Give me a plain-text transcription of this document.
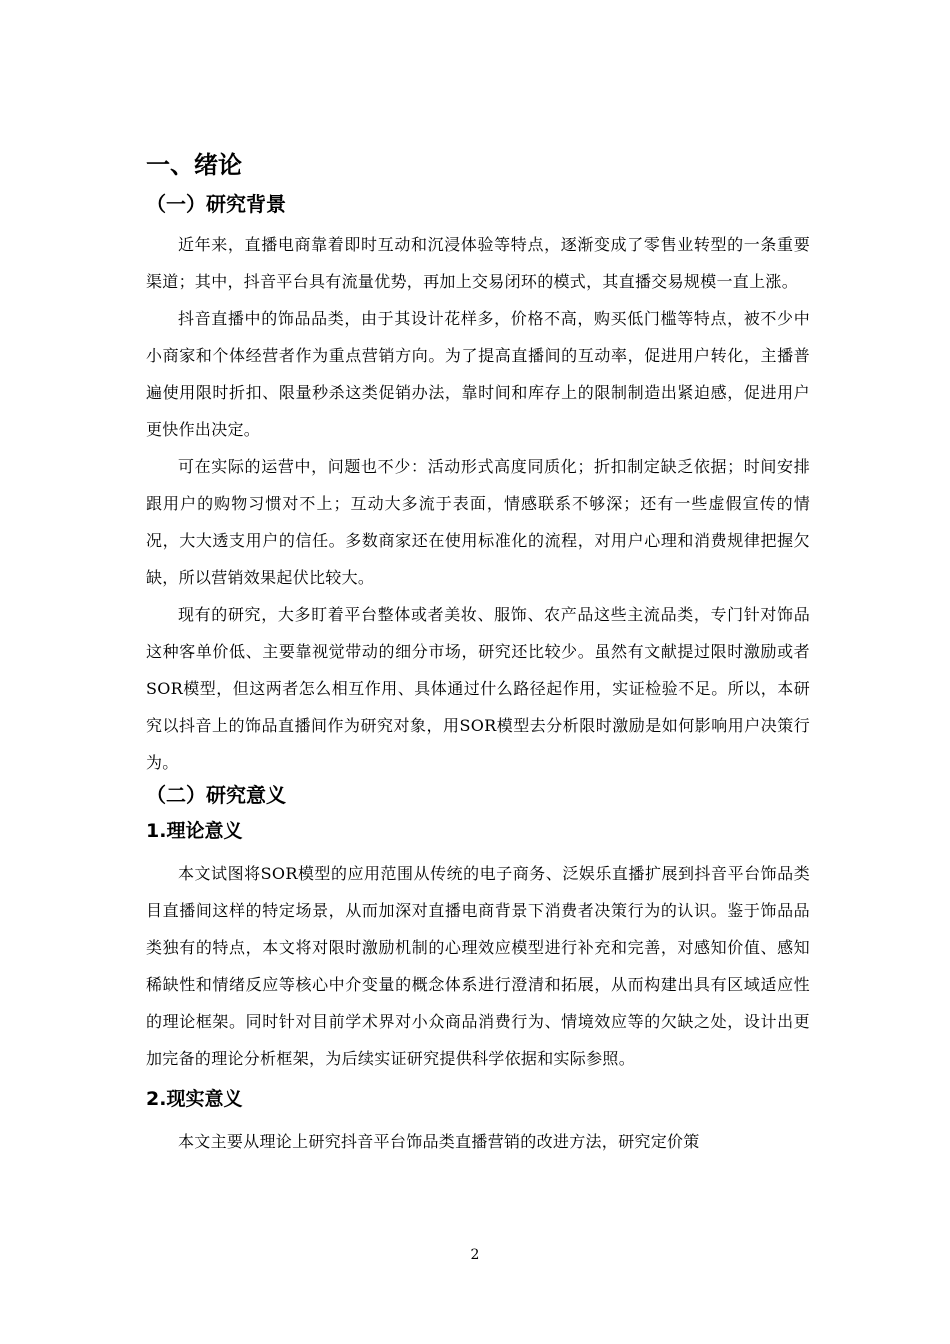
一、绪论
（一）研究背景

近年来，直播电商靠着即时互动和沉浸体验等特点，逐渐变成了零售业转型的一条重要渠道；其中，抖音平台具有流量优势，再加上交易闭环的模式，其直播交易规模一直上涨。

抖音直播中的饰品品类，由于其设计花样多，价格不高，购买低门槛等特点，被不少中小商家和个体经营者作为重点营销方向。为了提高直播间的互动率，促进用户转化，主播普遍使用限时折扣、限量秒杀这类促销办法，靠时间和库存上的限制制造出紧迫感，促进用户更快作出决定。

可在实际的运营中，问题也不少：活动形式高度同质化；折扣制定缺乏依据；时间安排跟用户的购物习惯对不上；互动大多流于表面，情感联系不够深；还有一些虚假宣传的情况，大大透支用户的信任。多数商家还在使用标准化的流程，对用户心理和消费规律把握欠缺，所以营销效果起伏比较大。

现有的研究，大多盯着平台整体或者美妆、服饰、农产品这些主流品类，专门针对饰品这种客单价低、主要靠视觉带动的细分市场，研究还比较少。虽然有文献提过限时激励或者SOR模型，但这两者怎么相互作用、具体通过什么路径起作用，实证检验不足。所以，本研究以抖音上的饰品直播间作为研究对象，用SOR模型去分析限时激励是如何影响用户决策行为。

（二）研究意义
1.理论意义

本文试图将SOR模型的应用范围从传统的电子商务、泛娱乐直播扩展到抖音平台饰品类目直播间这样的特定场景，从而加深对直播电商背景下消费者决策行为的认识。鉴于饰品品类独有的特点，本文将对限时激励机制的心理效应模型进行补充和完善，对感知价值、感知稀缺性和情绪反应等核心中介变量的概念体系进行澄清和拓展，从而构建出具有区域适应性的理论框架。同时针对目前学术界对小众商品消费行为、情境效应等的欠缺之处，设计出更加完备的理论分析框架，为后续实证研究提供科学依据和实际参照。

2.现实意义

本文主要从理论上研究抖音平台饰品类直播营销的改进方法，研究定价策

2
